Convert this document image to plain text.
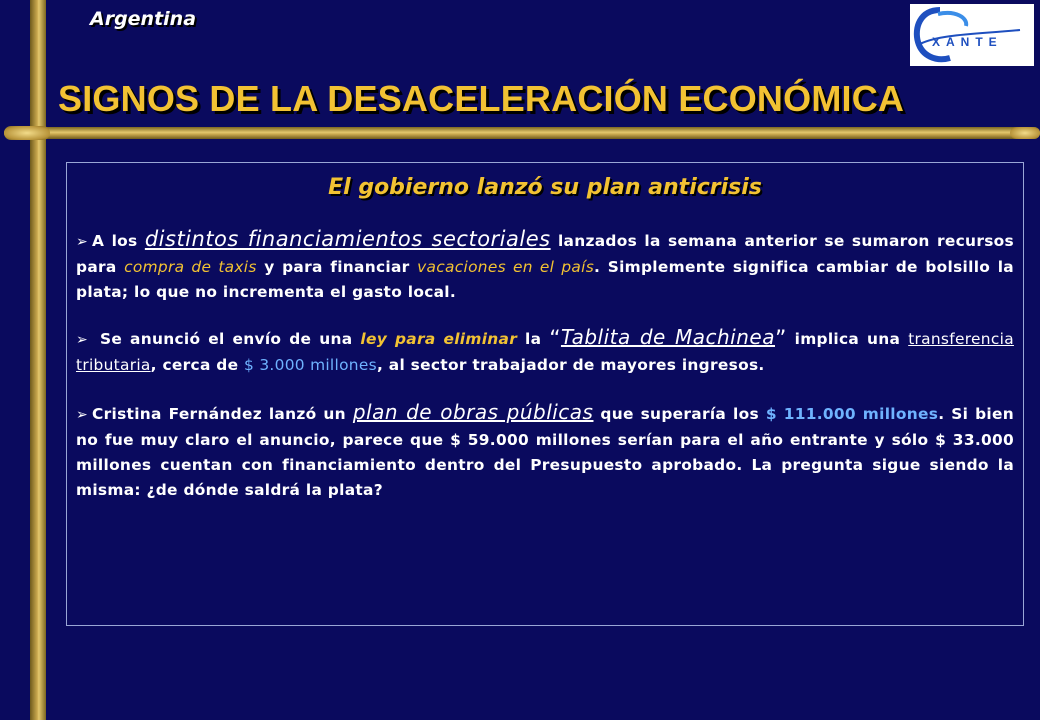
Argentina
XANTE
SIGNOS DE LA DESACELERACIÓN ECONÓMICA
El gobierno lanzó su plan anticrisis

➢ A los distintos financiamientos sectoriales lanzados la semana anterior se sumaron recursos para compra de taxis y para financiar vacaciones en el país. Simplemente significa cambiar de bolsillo la plata; lo que no incrementa el gasto local.

➢ Se anunció el envío de una ley para eliminar la “Tablita de Machinea” implica una transferencia tributaria, cerca de $ 3.000 millones, al sector trabajador de mayores ingresos.

➢ Cristina Fernández lanzó un plan de obras públicas que superaría los $ 111.000 millones. Si bien no fue muy claro el anuncio, parece que $ 59.000 millones serían para el año entrante y sólo $ 33.000 millones cuentan con financiamiento dentro del Presupuesto aprobado. La pregunta sigue siendo la misma: ¿de dónde saldrá la plata?
